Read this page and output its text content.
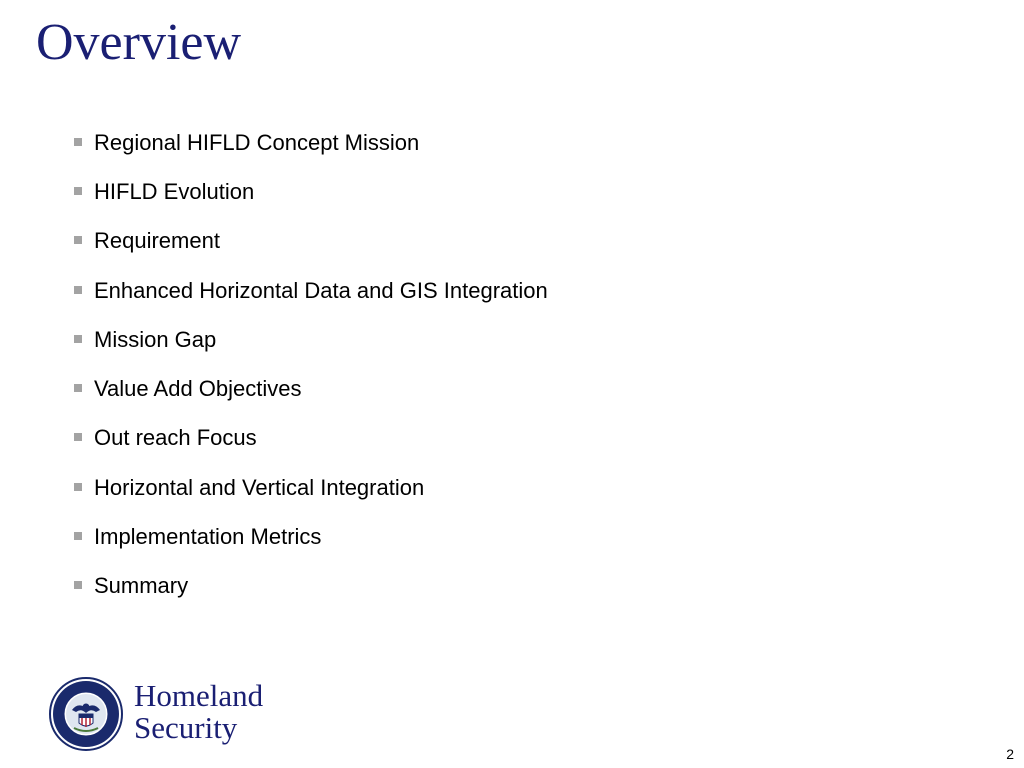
Overview
Regional HIFLD Concept Mission
HIFLD Evolution
Requirement
Enhanced Horizontal Data and GIS Integration
Mission Gap
Value Add Objectives
Out reach Focus
Horizontal and Vertical Integration
Implementation Metrics
Summary
Homeland
Security
2
